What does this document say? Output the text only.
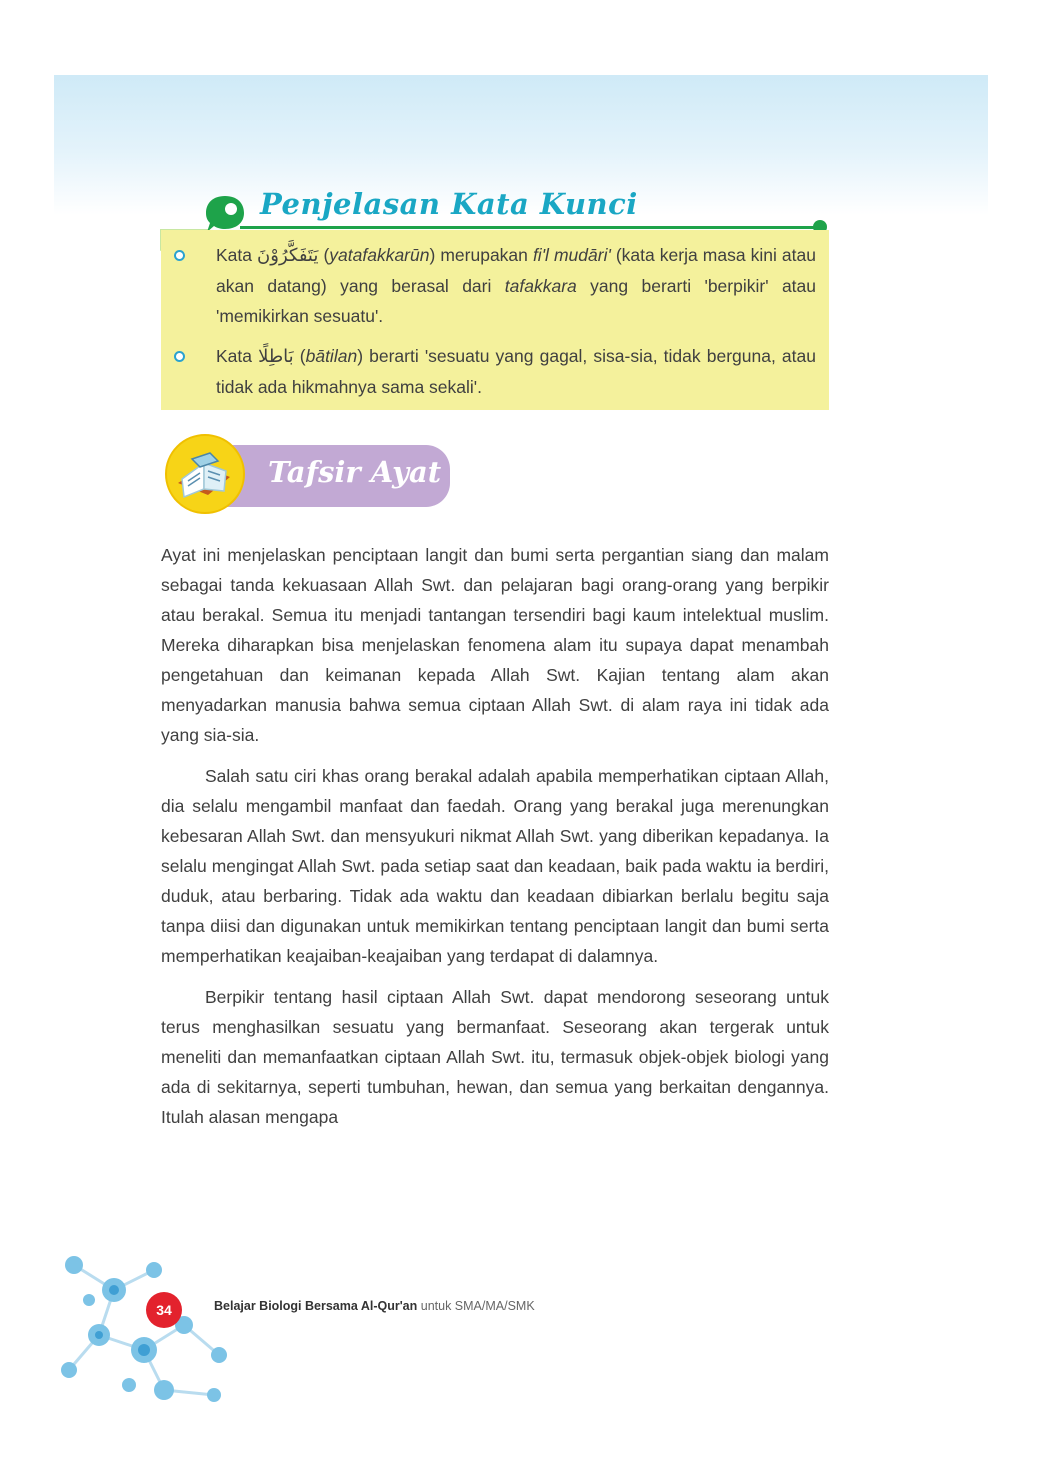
Penjelasan Kata Kunci
Kata يَتَفَكَّرُوْنَ (yatafakkarūn) merupakan fi'l mudāri' (kata kerja masa kini atau akan datang) yang berasal dari tafakkara yang berarti 'berpikir' atau 'memikirkan sesuatu'.
Kata بَاطِلًا (bātilan) berarti 'sesuatu yang gagal, sisa-sia, tidak berguna, atau tidak ada hikmahnya sama sekali'.
Tafsir Ayat

Ayat ini menjelaskan penciptaan langit dan bumi serta pergantian siang dan malam sebagai tanda kekuasaan Allah Swt. dan pelajaran bagi orang-orang yang berpikir atau berakal. Semua itu menjadi tantangan tersendiri bagi kaum intelektual muslim. Mereka diharapkan bisa menjelaskan fenomena alam itu supaya dapat menambah pengetahuan dan keimanan kepada Allah Swt. Kajian tentang alam akan menyadarkan manusia bahwa semua ciptaan Allah Swt. di alam raya ini tidak ada yang sia-sia.

Salah satu ciri khas orang berakal adalah apabila memperhatikan ciptaan Allah, dia selalu mengambil manfaat dan faedah. Orang yang berakal juga merenungkan kebesaran Allah Swt. dan mensyukuri nikmat Allah Swt. yang diberikan kepadanya. Ia selalu mengingat Allah Swt. pada setiap saat dan keadaan, baik pada waktu ia berdiri, duduk, atau berbaring. Tidak ada waktu dan keadaan dibiarkan berlalu begitu saja tanpa diisi dan digunakan untuk memikirkan tentang penciptaan langit dan bumi serta memperhatikan keajaiban-keajaiban yang terdapat di dalamnya.

Berpikir tentang hasil ciptaan Allah Swt. dapat mendorong seseorang untuk terus menghasilkan sesuatu yang bermanfaat. Seseorang akan tergerak untuk meneliti dan memanfaatkan ciptaan Allah Swt. itu, termasuk objek-objek biologi yang ada di sekitarnya, seperti tumbuhan, hewan, dan semua yang berkaitan dengannya. Itulah alasan mengapa

34	Belajar Biologi Bersama Al-Qur'an untuk SMA/MA/SMK
